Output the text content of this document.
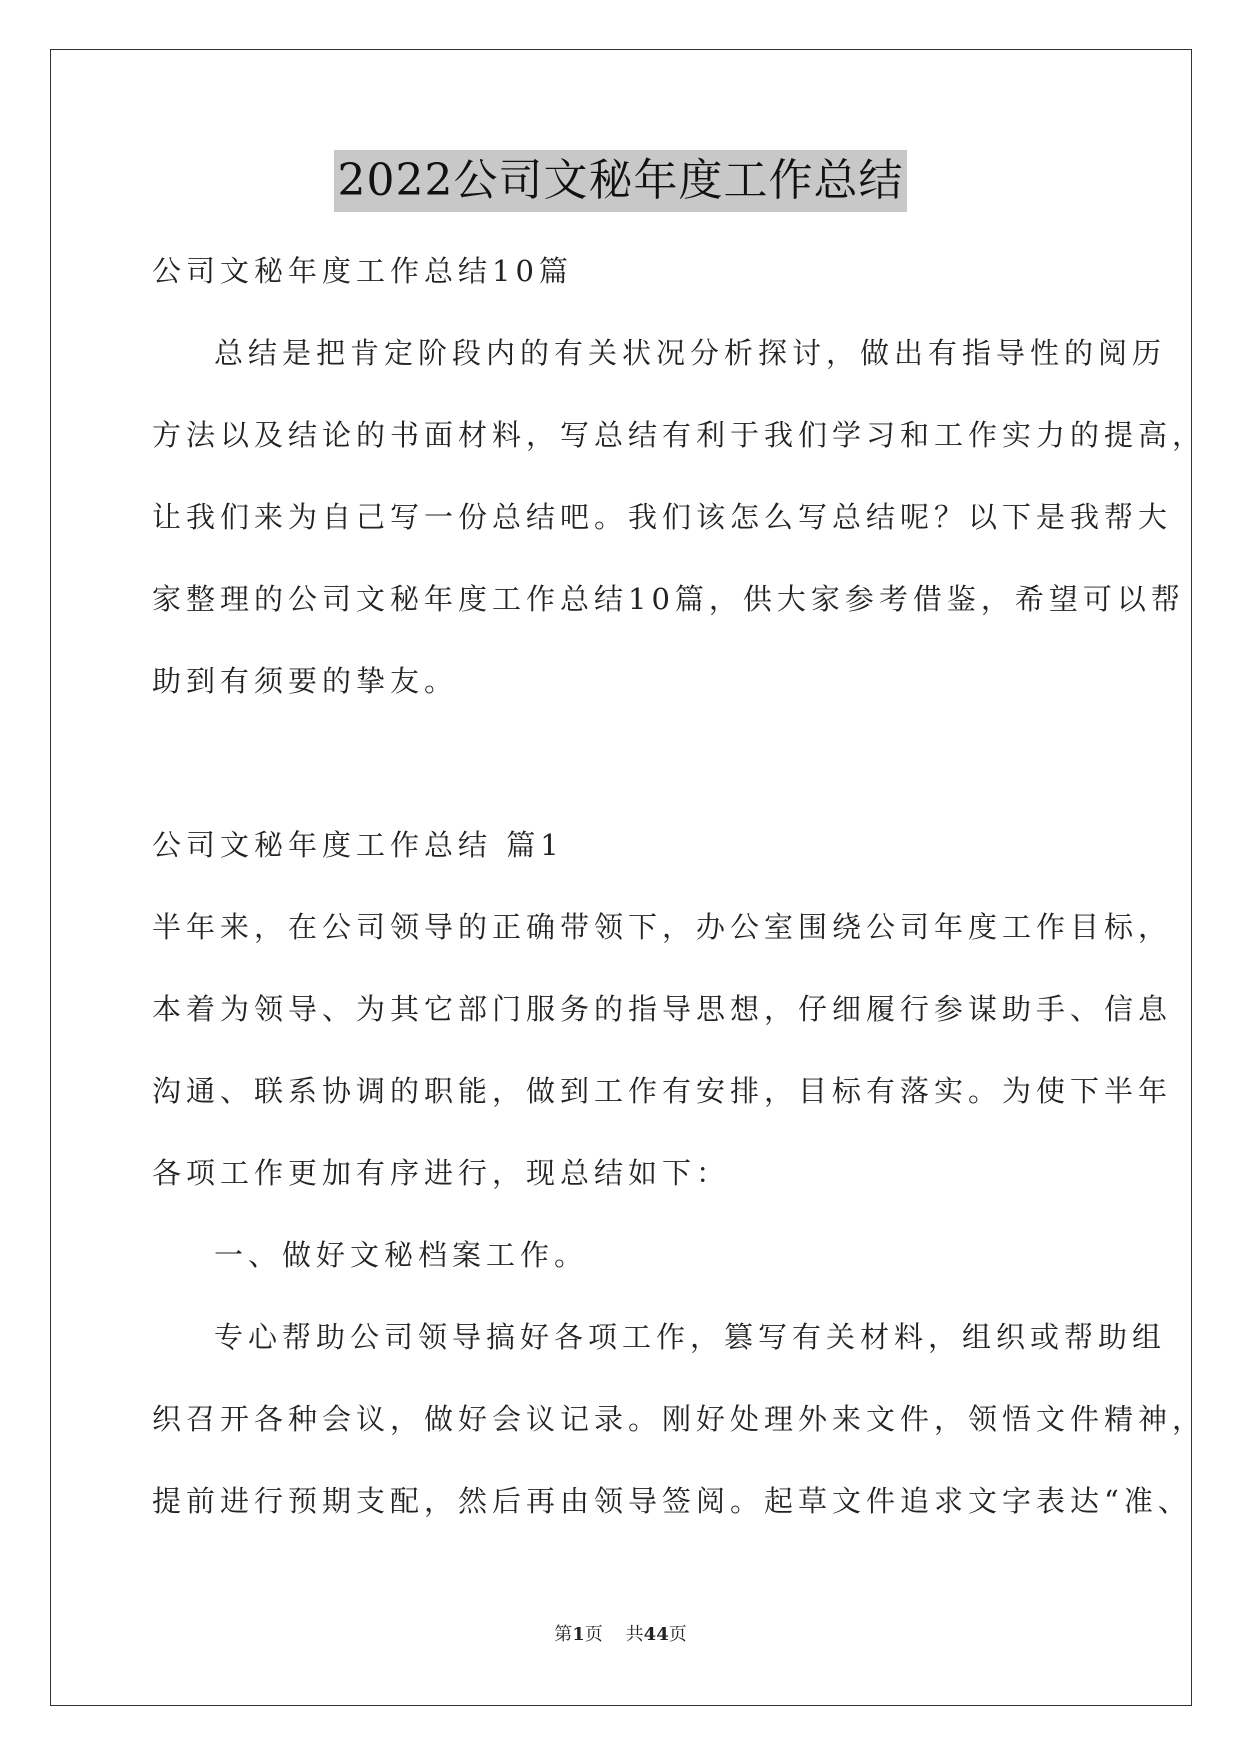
2022公司文秘年度工作总结
公司文秘年度工作总结10篇
总结是把肯定阶段内的有关状况分析探讨，做出有指导性的阅历
方法以及结论的书面材料，写总结有利于我们学习和工作实力的提高，
让我们来为自己写一份总结吧。我们该怎么写总结呢？以下是我帮大
家整理的公司文秘年度工作总结10篇，供大家参考借鉴，希望可以帮
助到有须要的挚友。
公司文秘年度工作总结 篇1
半年来，在公司领导的正确带领下，办公室围绕公司年度工作目标，
本着为领导、为其它部门服务的指导思想，仔细履行参谋助手、信息
沟通、联系协调的职能，做到工作有安排，目标有落实。为使下半年
各项工作更加有序进行，现总结如下：
一、做好文秘档案工作。
专心帮助公司领导搞好各项工作，篡写有关材料，组织或帮助组
织召开各种会议，做好会议记录。刚好处理外来文件，领悟文件精神，
提前进行预期支配，然后再由领导签阅。起草文件追求文字表达“准、
第1页 共44页
